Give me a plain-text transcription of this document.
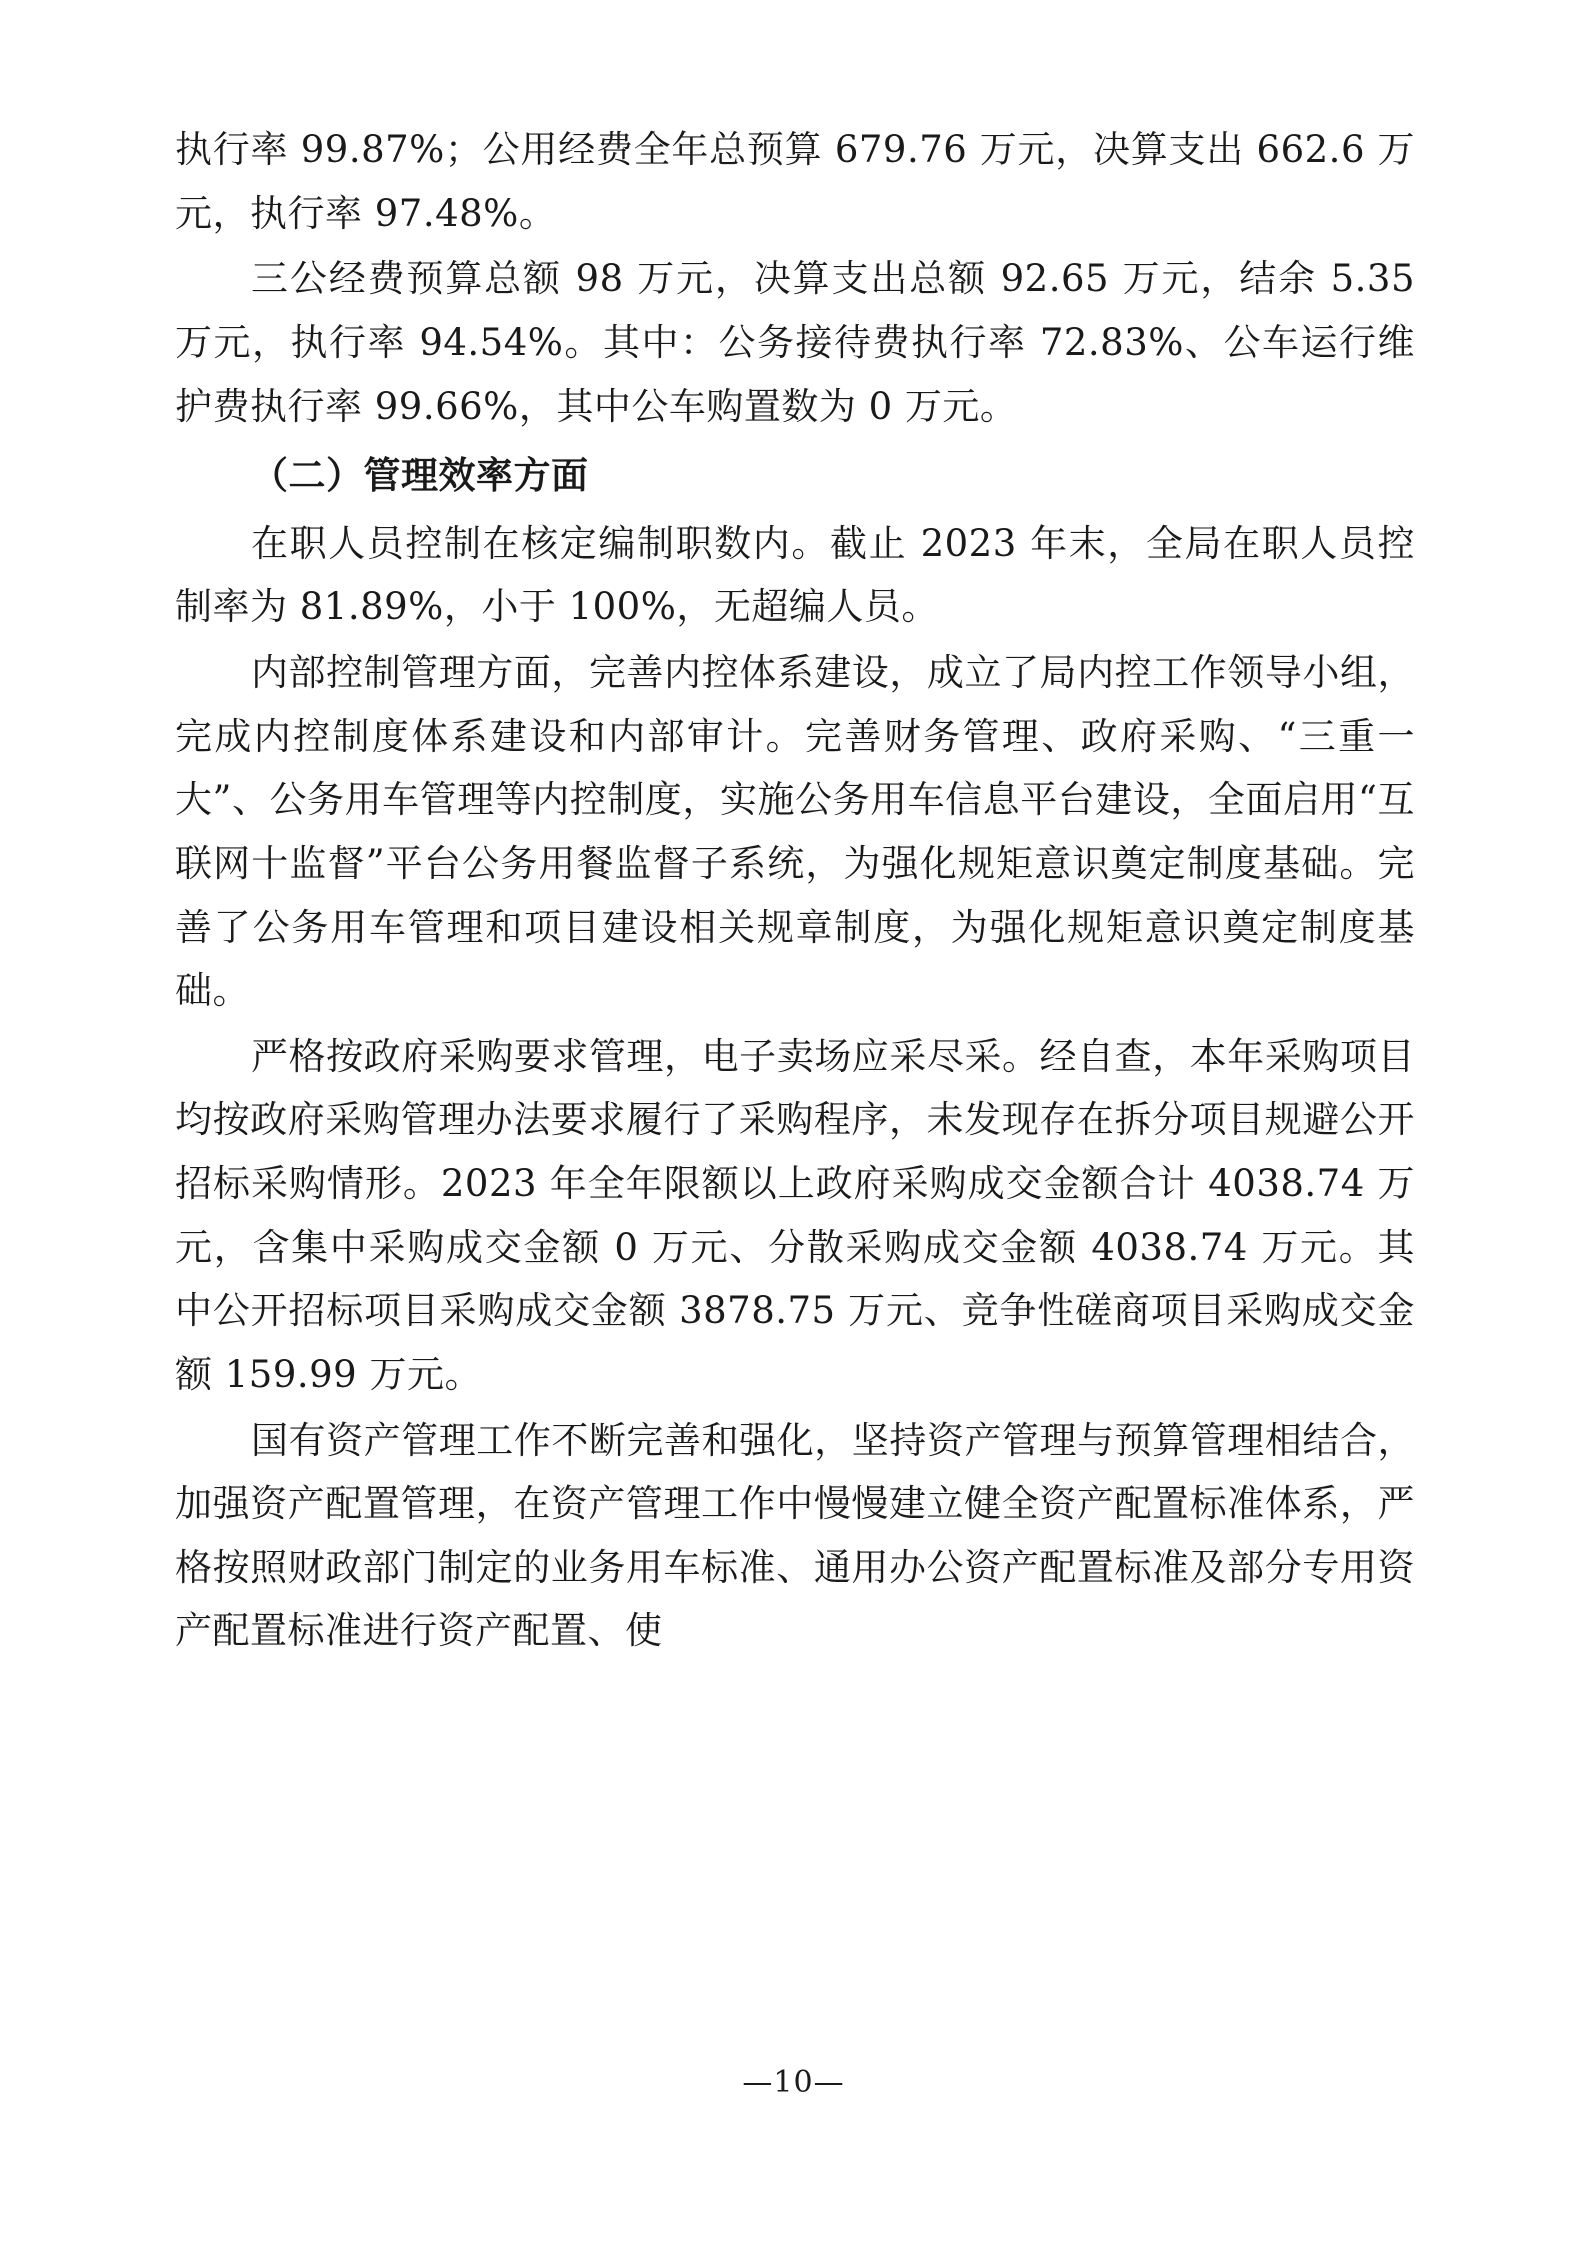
执行率 99.87%；公用经费全年总预算 679.76 万元，决算支出 662.6 万元，执行率 97.48%。

三公经费预算总额 98 万元，决算支出总额 92.65 万元，结余 5.35 万元，执行率 94.54%。其中：公务接待费执行率 72.83%、公车运行维护费执行率 99.66%，其中公车购置数为 0 万元。

（二）管理效率方面

在职人员控制在核定编制职数内。截止 2023 年末，全局在职人员控制率为 81.89%，小于 100%，无超编人员。

内部控制管理方面，完善内控体系建设，成立了局内控工作领导小组，完成内控制度体系建设和内部审计。完善财务管理、政府采购、“三重一大”、公务用车管理等内控制度，实施公务用车信息平台建设，全面启用“互联网十监督”平台公务用餐监督子系统，为强化规矩意识奠定制度基础。完善了公务用车管理和项目建设相关规章制度，为强化规矩意识奠定制度基础。

严格按政府采购要求管理，电子卖场应采尽采。经自查，本年采购项目均按政府采购管理办法要求履行了采购程序，未发现存在拆分项目规避公开招标采购情形。2023 年全年限额以上政府采购成交金额合计 4038.74 万元，含集中采购成交金额 0 万元、分散采购成交金额 4038.74 万元。其中公开招标项目采购成交金额 3878.75 万元、竞争性磋商项目采购成交金额 159.99 万元。

国有资产管理工作不断完善和强化，坚持资产管理与预算管理相结合，加强资产配置管理，在资产管理工作中慢慢建立健全资产配置标准体系，严格按照财政部门制定的业务用车标准、通用办公资产配置标准及部分专用资产配置标准进行资产配置、使

—10—
